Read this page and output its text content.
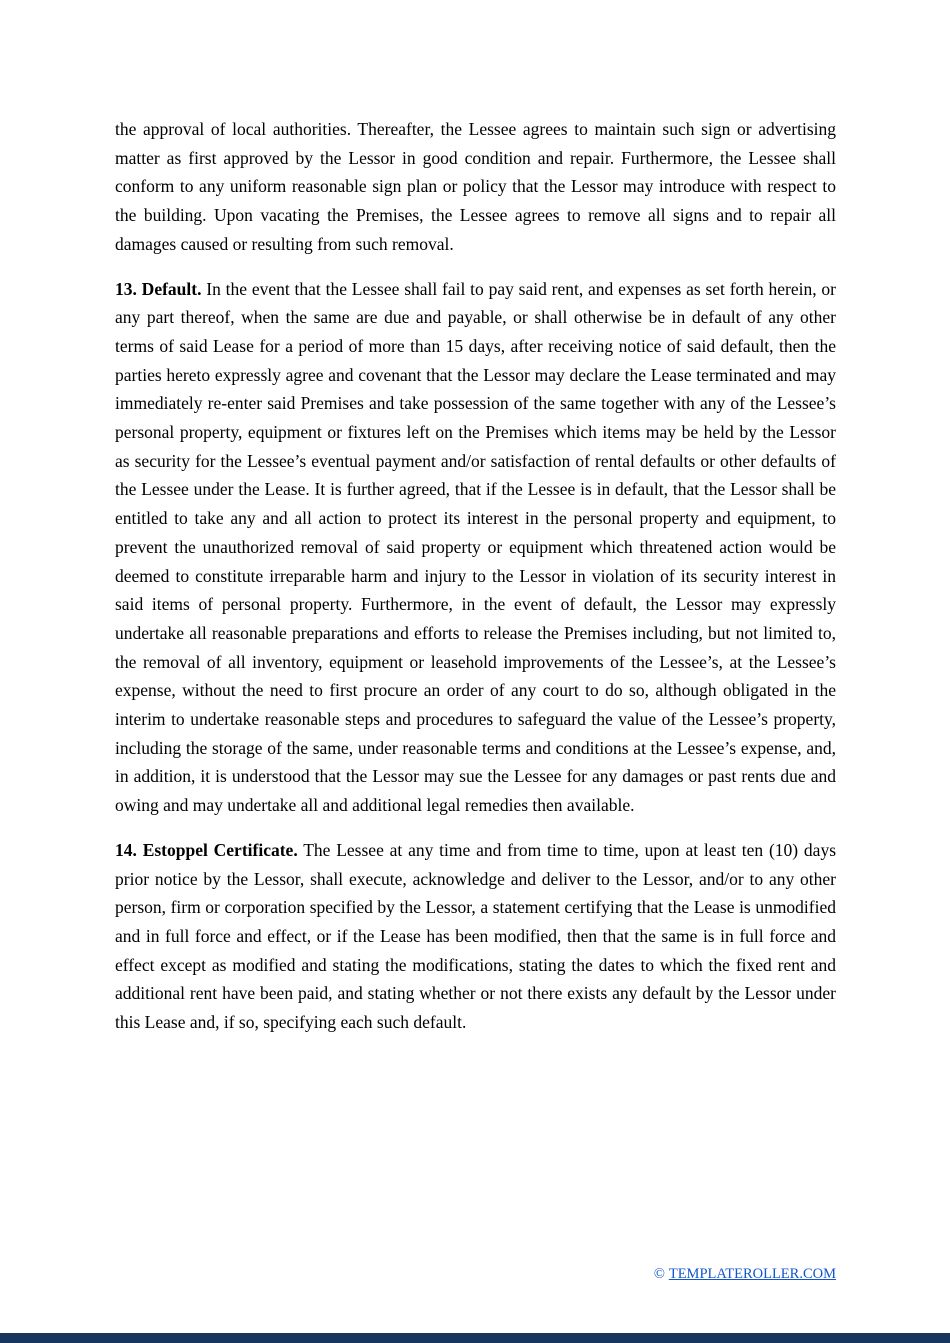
the approval of local authorities. Thereafter, the Lessee agrees to maintain such sign or advertising matter as first approved by the Lessor in good condition and repair. Furthermore, the Lessee shall conform to any uniform reasonable sign plan or policy that the Lessor may introduce with respect to the building. Upon vacating the Premises, the Lessee agrees to remove all signs and to repair all damages caused or resulting from such removal.

13. Default. In the event that the Lessee shall fail to pay said rent, and expenses as set forth herein, or any part thereof, when the same are due and payable, or shall otherwise be in default of any other terms of said Lease for a period of more than 15 days, after receiving notice of said default, then the parties hereto expressly agree and covenant that the Lessor may declare the Lease terminated and may immediately re-enter said Premises and take possession of the same together with any of the Lessee’s personal property, equipment or fixtures left on the Premises which items may be held by the Lessor as security for the Lessee’s eventual payment and/or satisfaction of rental defaults or other defaults of the Lessee under the Lease. It is further agreed, that if the Lessee is in default, that the Lessor shall be entitled to take any and all action to protect its interest in the personal property and equipment, to prevent the unauthorized removal of said property or equipment which threatened action would be deemed to constitute irreparable harm and injury to the Lessor in violation of its security interest in said items of personal property. Furthermore, in the event of default, the Lessor may expressly undertake all reasonable preparations and efforts to release the Premises including, but not limited to, the removal of all inventory, equipment or leasehold improvements of the Lessee’s, at the Lessee’s expense, without the need to first procure an order of any court to do so, although obligated in the interim to undertake reasonable steps and procedures to safeguard the value of the Lessee’s property, including the storage of the same, under reasonable terms and conditions at the Lessee’s expense, and, in addition, it is understood that the Lessor may sue the Lessee for any damages or past rents due and owing and may undertake all and additional legal remedies then available.

14. Estoppel Certificate. The Lessee at any time and from time to time, upon at least ten (10) days prior notice by the Lessor, shall execute, acknowledge and deliver to the Lessor, and/or to any other person, firm or corporation specified by the Lessor, a statement certifying that the Lease is unmodified and in full force and effect, or if the Lease has been modified, then that the same is in full force and effect except as modified and stating the modifications, stating the dates to which the fixed rent and additional rent have been paid, and stating whether or not there exists any default by the Lessor under this Lease and, if so, specifying each such default.

© TEMPLATEROLLER.COM
